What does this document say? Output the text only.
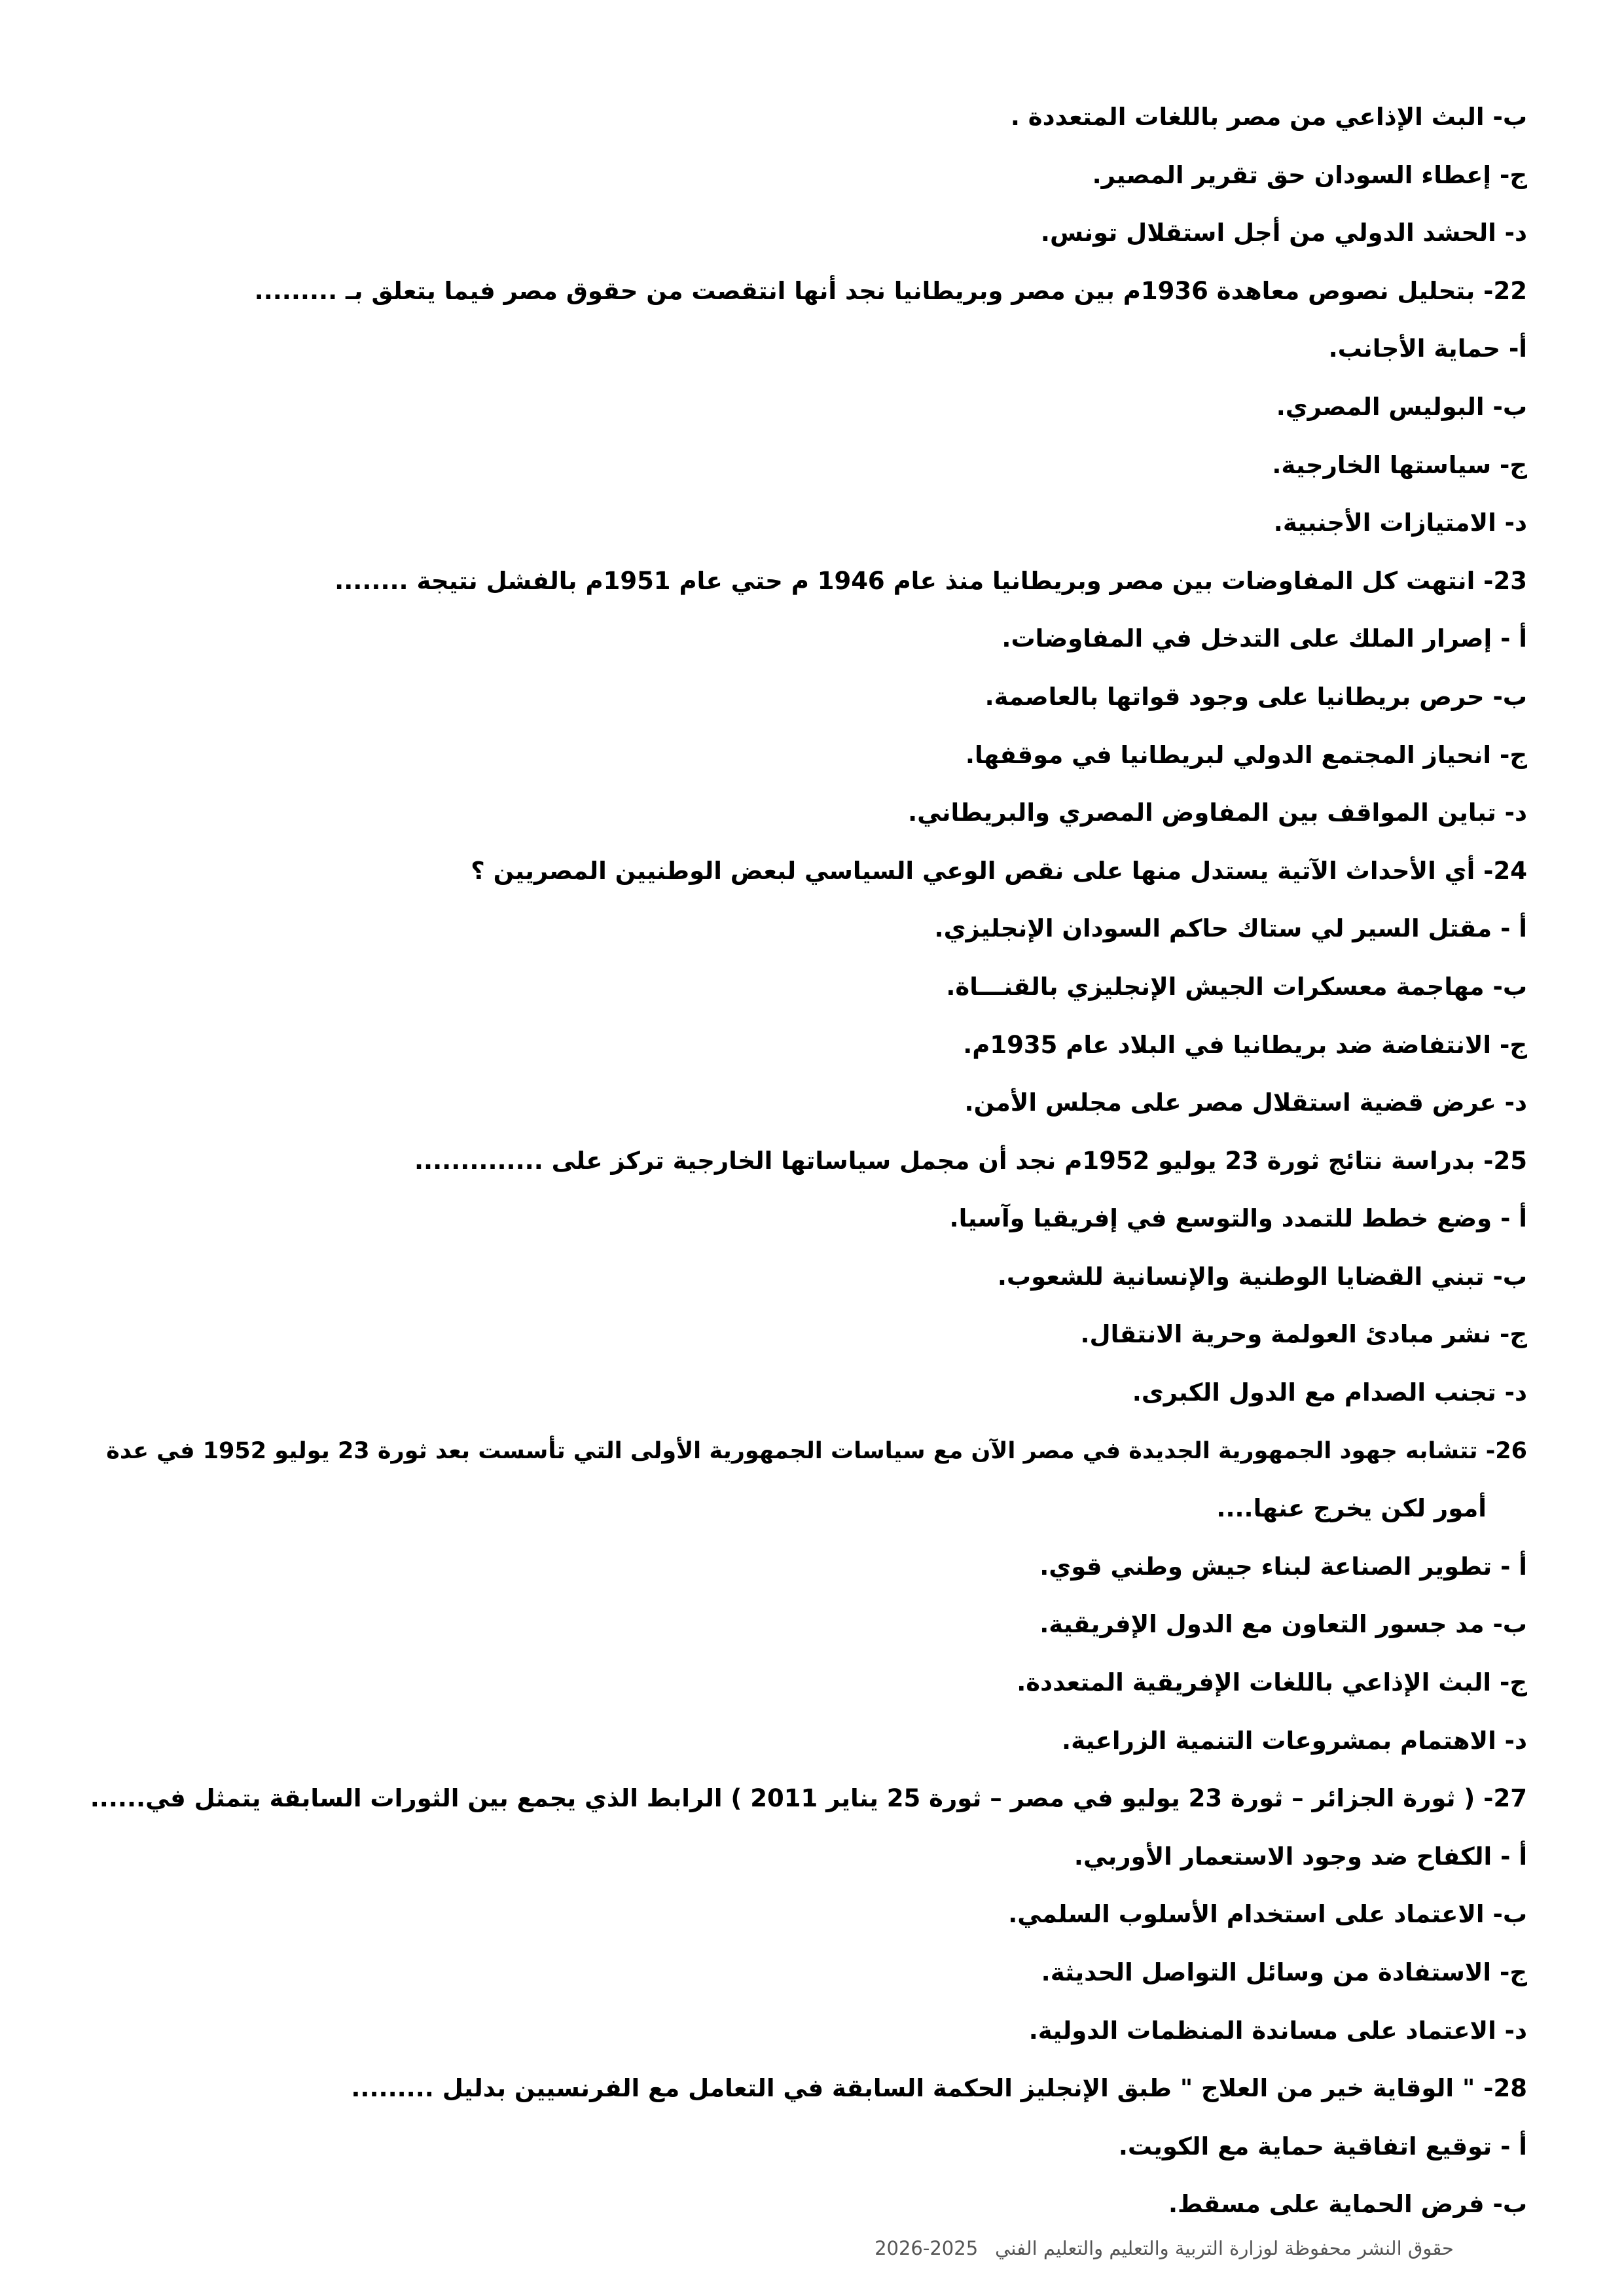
ب- البث الإذاعي من مصر باللغات المتعددة .

ج- إعطاء السودان حق تقرير المصير.

د- الحشد الدولي من أجل استقلال تونس.

22- بتحليل نصوص معاهدة 1936م بين مصر وبريطانيا نجد أنها انتقصت من حقوق مصر فيما يتعلق بـ .........

أ- حماية الأجانب.

ب- البوليس المصري.

ج- سياستها الخارجية.

د- الامتيازات الأجنبية.

23- انتهت كل المفاوضات بين مصر وبريطانيا منذ عام 1946 م حتي عام 1951م بالفشل نتيجة ........

أ - إصرار الملك على التدخل في المفاوضات.

ب- حرص بريطانيا على وجود قواتها بالعاصمة.

ج- انحياز المجتمع الدولي لبريطانيا في موقفها.

د- تباين المواقف بين المفاوض المصري والبريطاني.

24- أي الأحداث الآتية يستدل منها على نقص الوعي السياسي لبعض الوطنيين المصريين ؟

أ - مقتل السير لي ستاك حاكم السودان الإنجليزي.

ب- مهاجمة معسكرات الجيش الإنجليزي بالقنـــاة.

ج- الانتفاضة ضد بريطانيا في البلاد عام 1935م.

د- عرض قضية استقلال مصر على مجلس الأمن.

25- بدراسة نتائج ثورة 23 يوليو 1952م نجد أن مجمل سياساتها الخارجية تركز على ..............

أ - وضع خطط للتمدد والتوسع في إفريقيا وآسيا.

ب- تبني القضايا الوطنية والإنسانية للشعوب.

ج- نشر مبادئ العولمة وحرية الانتقال.

د- تجنب الصدام مع الدول الكبرى.

26- تتشابه جهود الجمهورية الجديدة في مصر الآن مع سياسات الجمهورية الأولى التي تأسست بعد ثورة 23 يوليو 1952 في عدة

أمور لكن يخرج عنها....

أ - تطوير الصناعة لبناء جيش وطني قوي.

ب- مد جسور التعاون مع الدول الإفريقية.

ج- البث الإذاعي باللغات الإفريقية المتعددة.

د- الاهتمام بمشروعات التنمية الزراعية.

27- ( ثورة الجزائر – ثورة 23 يوليو في مصر – ثورة 25 يناير 2011 ) الرابط الذي يجمع بين الثورات السابقة يتمثل في......

أ - الكفاح ضد وجود الاستعمار الأوربي.

ب- الاعتماد على استخدام الأسلوب السلمي.

ج- الاستفادة من وسائل التواصل الحديثة.

د- الاعتماد على مساندة المنظمات الدولية.

28- " الوقاية خير من العلاج " طبق الإنجليز الحكمة السابقة في التعامل مع الفرنسيين بدليل .........

أ - توقيع اتفاقية حماية مع الكويت.

ب- فرض الحماية على مسقط.

حقوق النشر محفوظة لوزارة التربية والتعليم والتعليم الفني2025-2026
